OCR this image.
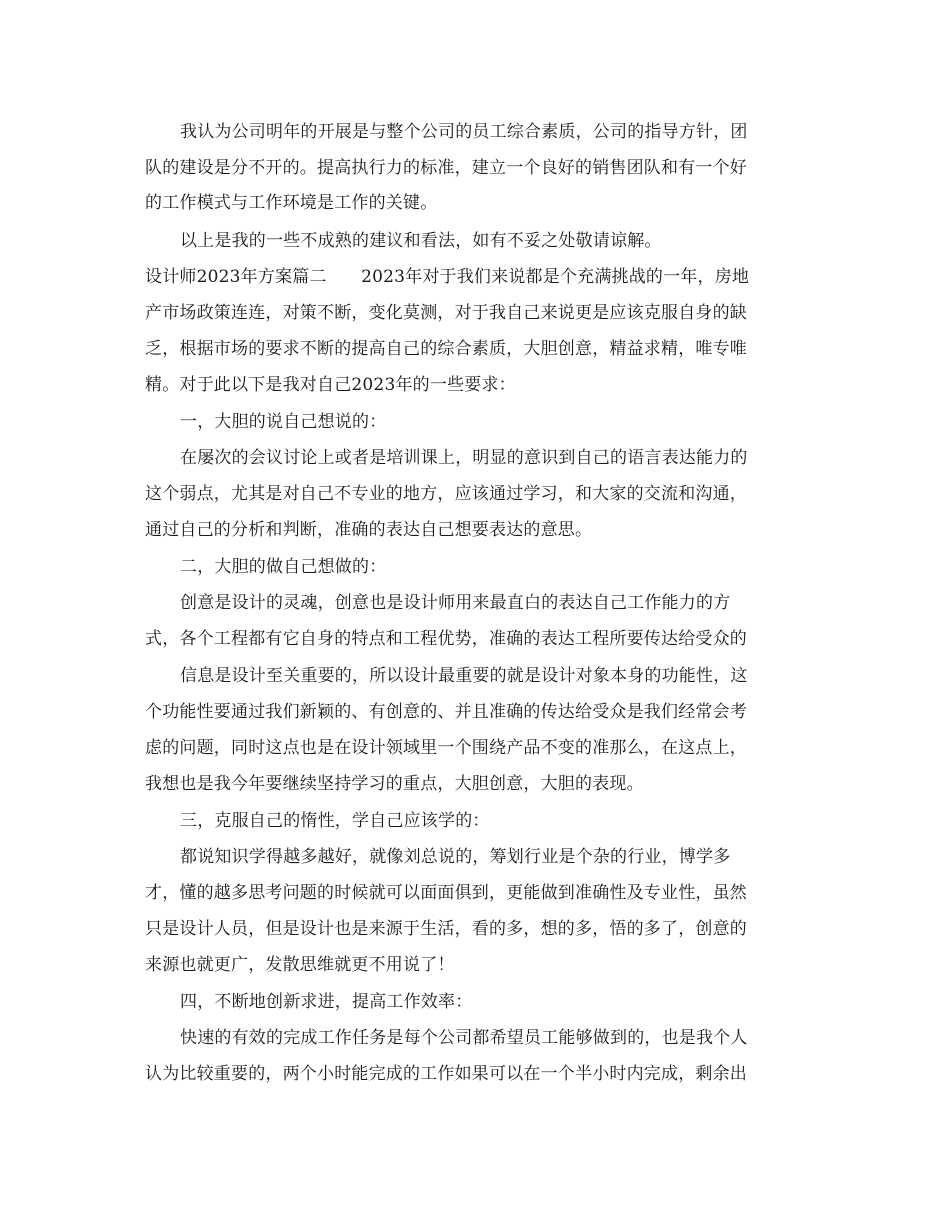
我认为公司明年的开展是与整个公司的员工综合素质，公司的指导方针，团
队的建设是分不开的。提高执行力的标准，建立一个良好的销售团队和有一个好
的工作模式与工作环境是工作的关键。
以上是我的一些不成熟的建议和看法，如有不妥之处敬请谅解。
设计师2023年方案篇二　　2023年对于我们来说都是个充满挑战的一年，房地
产市场政策连连，对策不断，变化莫测，对于我自己来说更是应该克服自身的缺
乏，根据市场的要求不断的提高自己的综合素质，大胆创意，精益求精，唯专唯
精。对于此以下是我对自己2023年的一些要求：
一，大胆的说自己想说的：
在屡次的会议讨论上或者是培训课上，明显的意识到自己的语言表达能力的
这个弱点，尤其是对自己不专业的地方，应该通过学习，和大家的交流和沟通，
通过自己的分析和判断，准确的表达自己想要表达的意思。
二，大胆的做自己想做的：
创意是设计的灵魂，创意也是设计师用来最直白的表达自己工作能力的方
式，各个工程都有它自身的特点和工程优势，准确的表达工程所要传达给受众的
信息是设计至关重要的，所以设计最重要的就是设计对象本身的功能性，这
个功能性要通过我们新颖的、有创意的、并且准确的传达给受众是我们经常会考
虑的问题，同时这点也是在设计领域里一个围绕产品不变的准那么，在这点上，
我想也是我今年要继续坚持学习的重点，大胆创意，大胆的表现。
三，克服自己的惰性，学自己应该学的：
都说知识学得越多越好，就像刘总说的，筹划行业是个杂的行业，博学多
才，懂的越多思考问题的时候就可以面面俱到，更能做到准确性及专业性，虽然
只是设计人员，但是设计也是来源于生活，看的多，想的多，悟的多了，创意的
来源也就更广，发散思维就更不用说了！
四，不断地创新求进，提高工作效率：
快速的有效的完成工作任务是每个公司都希望员工能够做到的，也是我个人
认为比较重要的，两个小时能完成的工作如果可以在一个半小时内完成，剩余出
